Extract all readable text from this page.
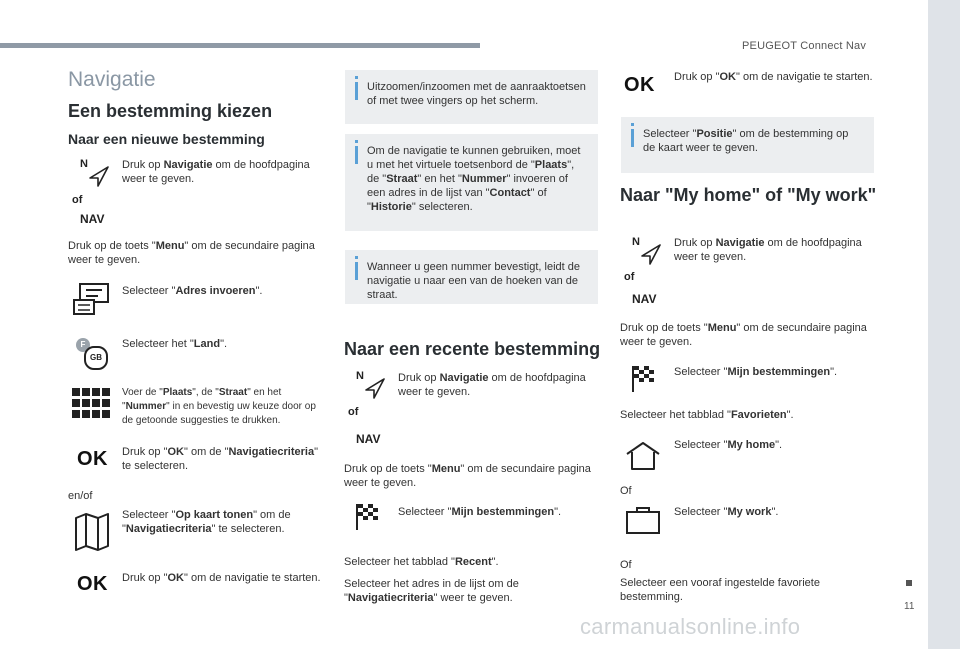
PEUGEOT Connect Nav
11
carmanualsonline.info
Navigatie
Een bestemming kiezen
Naar een nieuwe bestemming
N
of
NAV
Druk op Navigatie om de hoofdpagina weer te geven.
Druk op de toets "Menu" om de secundaire pagina weer te geven.
Selecteer "Adres invoeren".
F
GB
Selecteer het "Land".
Voer de "Plaats", de "Straat" en het "Nummer" in en bevestig uw keuze door op de getoonde suggesties te drukken.
OK Druk op "OK" om de "Navigatiecriteria" te selecteren.
en/of
Selecteer "Op kaart tonen" om de "Navigatiecriteria" te selecteren.
OK Druk op "OK" om de navigatie te starten.
Uitzoomen/inzoomen met de aanraaktoetsen of met twee vingers op het scherm.
Om de navigatie te kunnen gebruiken, moet u met het virtuele toetsenbord de "Plaats", de "Straat" en het "Nummer" invoeren of een adres in de lijst van "Contact" of "Historie" selecteren.
Wanneer u geen nummer bevestigt, leidt de navigatie u naar een van de hoeken van de straat.
Naar een recente bestemming
N
of
NAV
Druk op Navigatie om de hoofdpagina weer te geven.
Druk op de toets "Menu" om de secundaire pagina weer te geven.
Selecteer "Mijn bestemmingen".
Selecteer het tabblad "Recent".
Selecteer het adres in de lijst om de "Navigatiecriteria" weer te geven.
OK Druk op "OK" om de navigatie te starten.
Selecteer "Positie" om de bestemming op de kaart weer te geven.
Naar "My home" of "My work"
N
of
NAV
Druk op Navigatie om de hoofdpagina weer te geven.
Druk op de toets "Menu" om de secundaire pagina weer te geven.
Selecteer "Mijn bestemmingen".
Selecteer het tabblad "Favorieten".
Selecteer "My home".
Of
Selecteer "My work".
Of
Selecteer een vooraf ingestelde favoriete bestemming.
